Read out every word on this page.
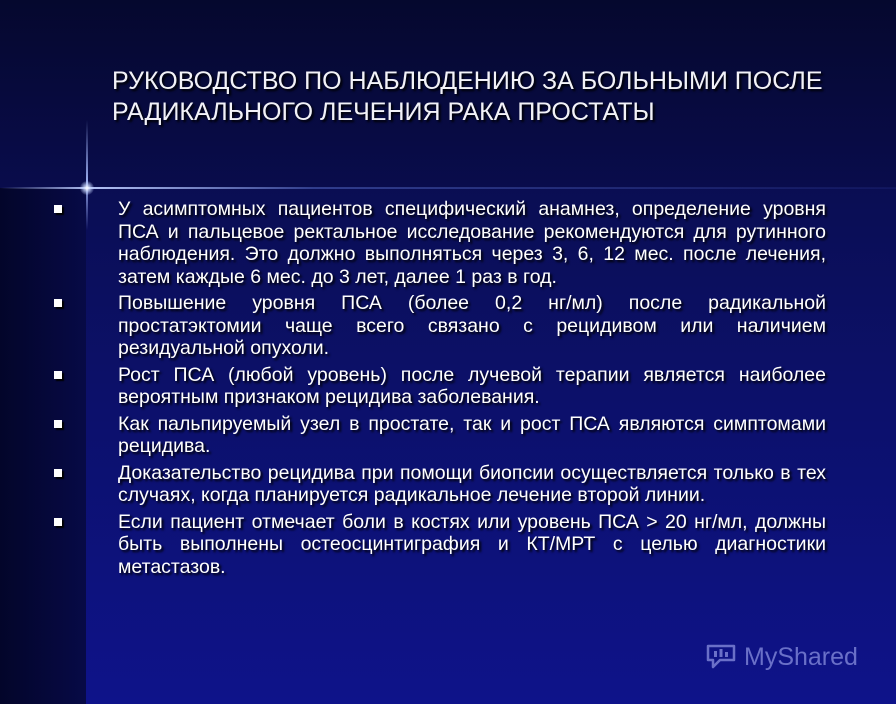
РУКОВОДСТВО ПО НАБЛЮДЕНИЮ ЗА БОЛЬНЫМИ ПОСЛЕ РАДИКАЛЬНОГО ЛЕЧЕНИЯ РАКА ПРОСТАТЫ
У асимптомных пациентов специфический анамнез, определение уровня ПСА и пальцевое ректальное исследование рекомендуются для рутинного наблюдения. Это должно выполняться через 3, 6, 12 мес. после лечения, затем каждые 6 мес. до 3 лет, далее 1 раз в год.
Повышение уровня ПСА (более 0,2 нг/мл) после радикальной простатэктомии чаще всего связано с рецидивом или наличием резидуальной опухоли.
Рост ПСА (любой уровень) после лучевой терапии является наиболее вероятным признаком рецидива заболевания.
Как пальпируемый узел в простате, так и рост ПСА являются симптомами рецидива.
Доказательство рецидива при помощи биопсии осуществляется только в тех случаях, когда планируется радикальное лечение второй линии.
Если пациент отмечает боли в костях или уровень ПСА > 20 нг/мл, должны быть выполнены остеосцинтиграфия и КТ/МРТ с целью диагностики метастазов.
MyShared
